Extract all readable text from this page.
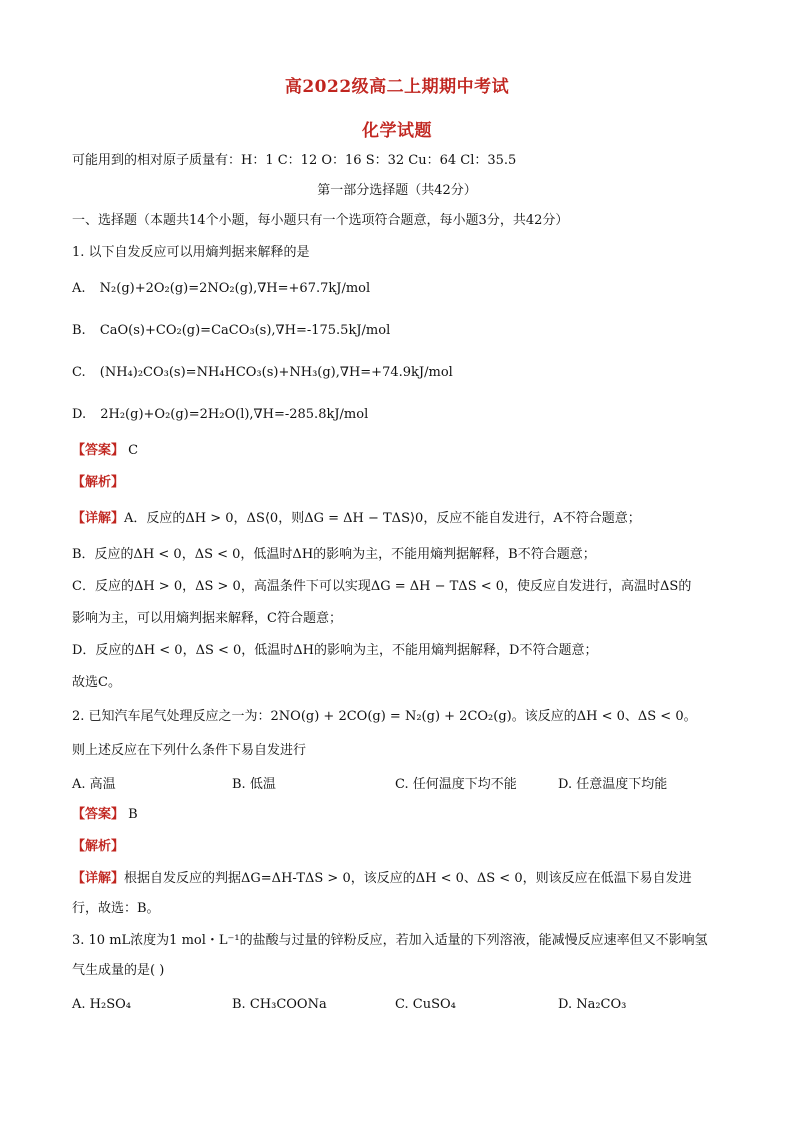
高2022级高二上期期中考试
化学试题
可能用到的相对原子质量有：H：1 C：12 O：16 S：32 Cu：64 Cl：35.5
第一部分选择题（共42分）
一、选择题（本题共14个小题，每小题只有一个选项符合题意，每小题3分，共42分）
1. 以下自发反应可以用熵判据来解释的是
A. N₂(g)+2O₂(g)=2NO₂(g),∇H=+67.7kJ/mol
B. CaO(s)+CO₂(g)=CaCO₃(s),∇H=-175.5kJ/mol
C. (NH₄)₂CO₃(s)=NH₄HCO₃(s)+NH₃(g),∇H=+74.9kJ/mol
D. 2H₂(g)+O₂(g)=2H₂O(l),∇H=-285.8kJ/mol
【答案】 C
【解析】
【详解】A．反应的ΔH > 0，ΔS⟨0，则ΔG = ΔH − TΔS⟩0，反应不能自发进行，A不符合题意；
B．反应的ΔH < 0，ΔS < 0，低温时ΔH的影响为主，不能用熵判据解释，B不符合题意；
C．反应的ΔH > 0，ΔS > 0，高温条件下可以实现ΔG = ΔH − TΔS < 0，使反应自发进行，高温时ΔS的
影响为主，可以用熵判据来解释，C符合题意；
D．反应的ΔH < 0，ΔS < 0，低温时ΔH的影响为主，不能用熵判据解释，D不符合题意；
故选C。
2. 已知汽车尾气处理反应之一为：2NO(g) + 2CO(g) = N₂(g) + 2CO₂(g)。该反应的ΔH < 0、ΔS < 0。
则上述反应在下列什么条件下易自发进行
A. 高温	B. 低温	C. 任何温度下均不能	D. 任意温度下均能
【答案】 B
【解析】
【详解】根据自发反应的判据ΔG=ΔH-TΔS > 0，该反应的ΔH < 0、ΔS < 0，则该反应在低温下易自发进
行，故选：B。
3. 10 mL浓度为1 mol・L⁻¹的盐酸与过量的锌粉反应，若加入适量的下列溶液，能减慢反应速率但又不影响氢
气生成量的是( )
A. H₂SO₄	B. CH₃COONa	C. CuSO₄	D. Na₂CO₃
